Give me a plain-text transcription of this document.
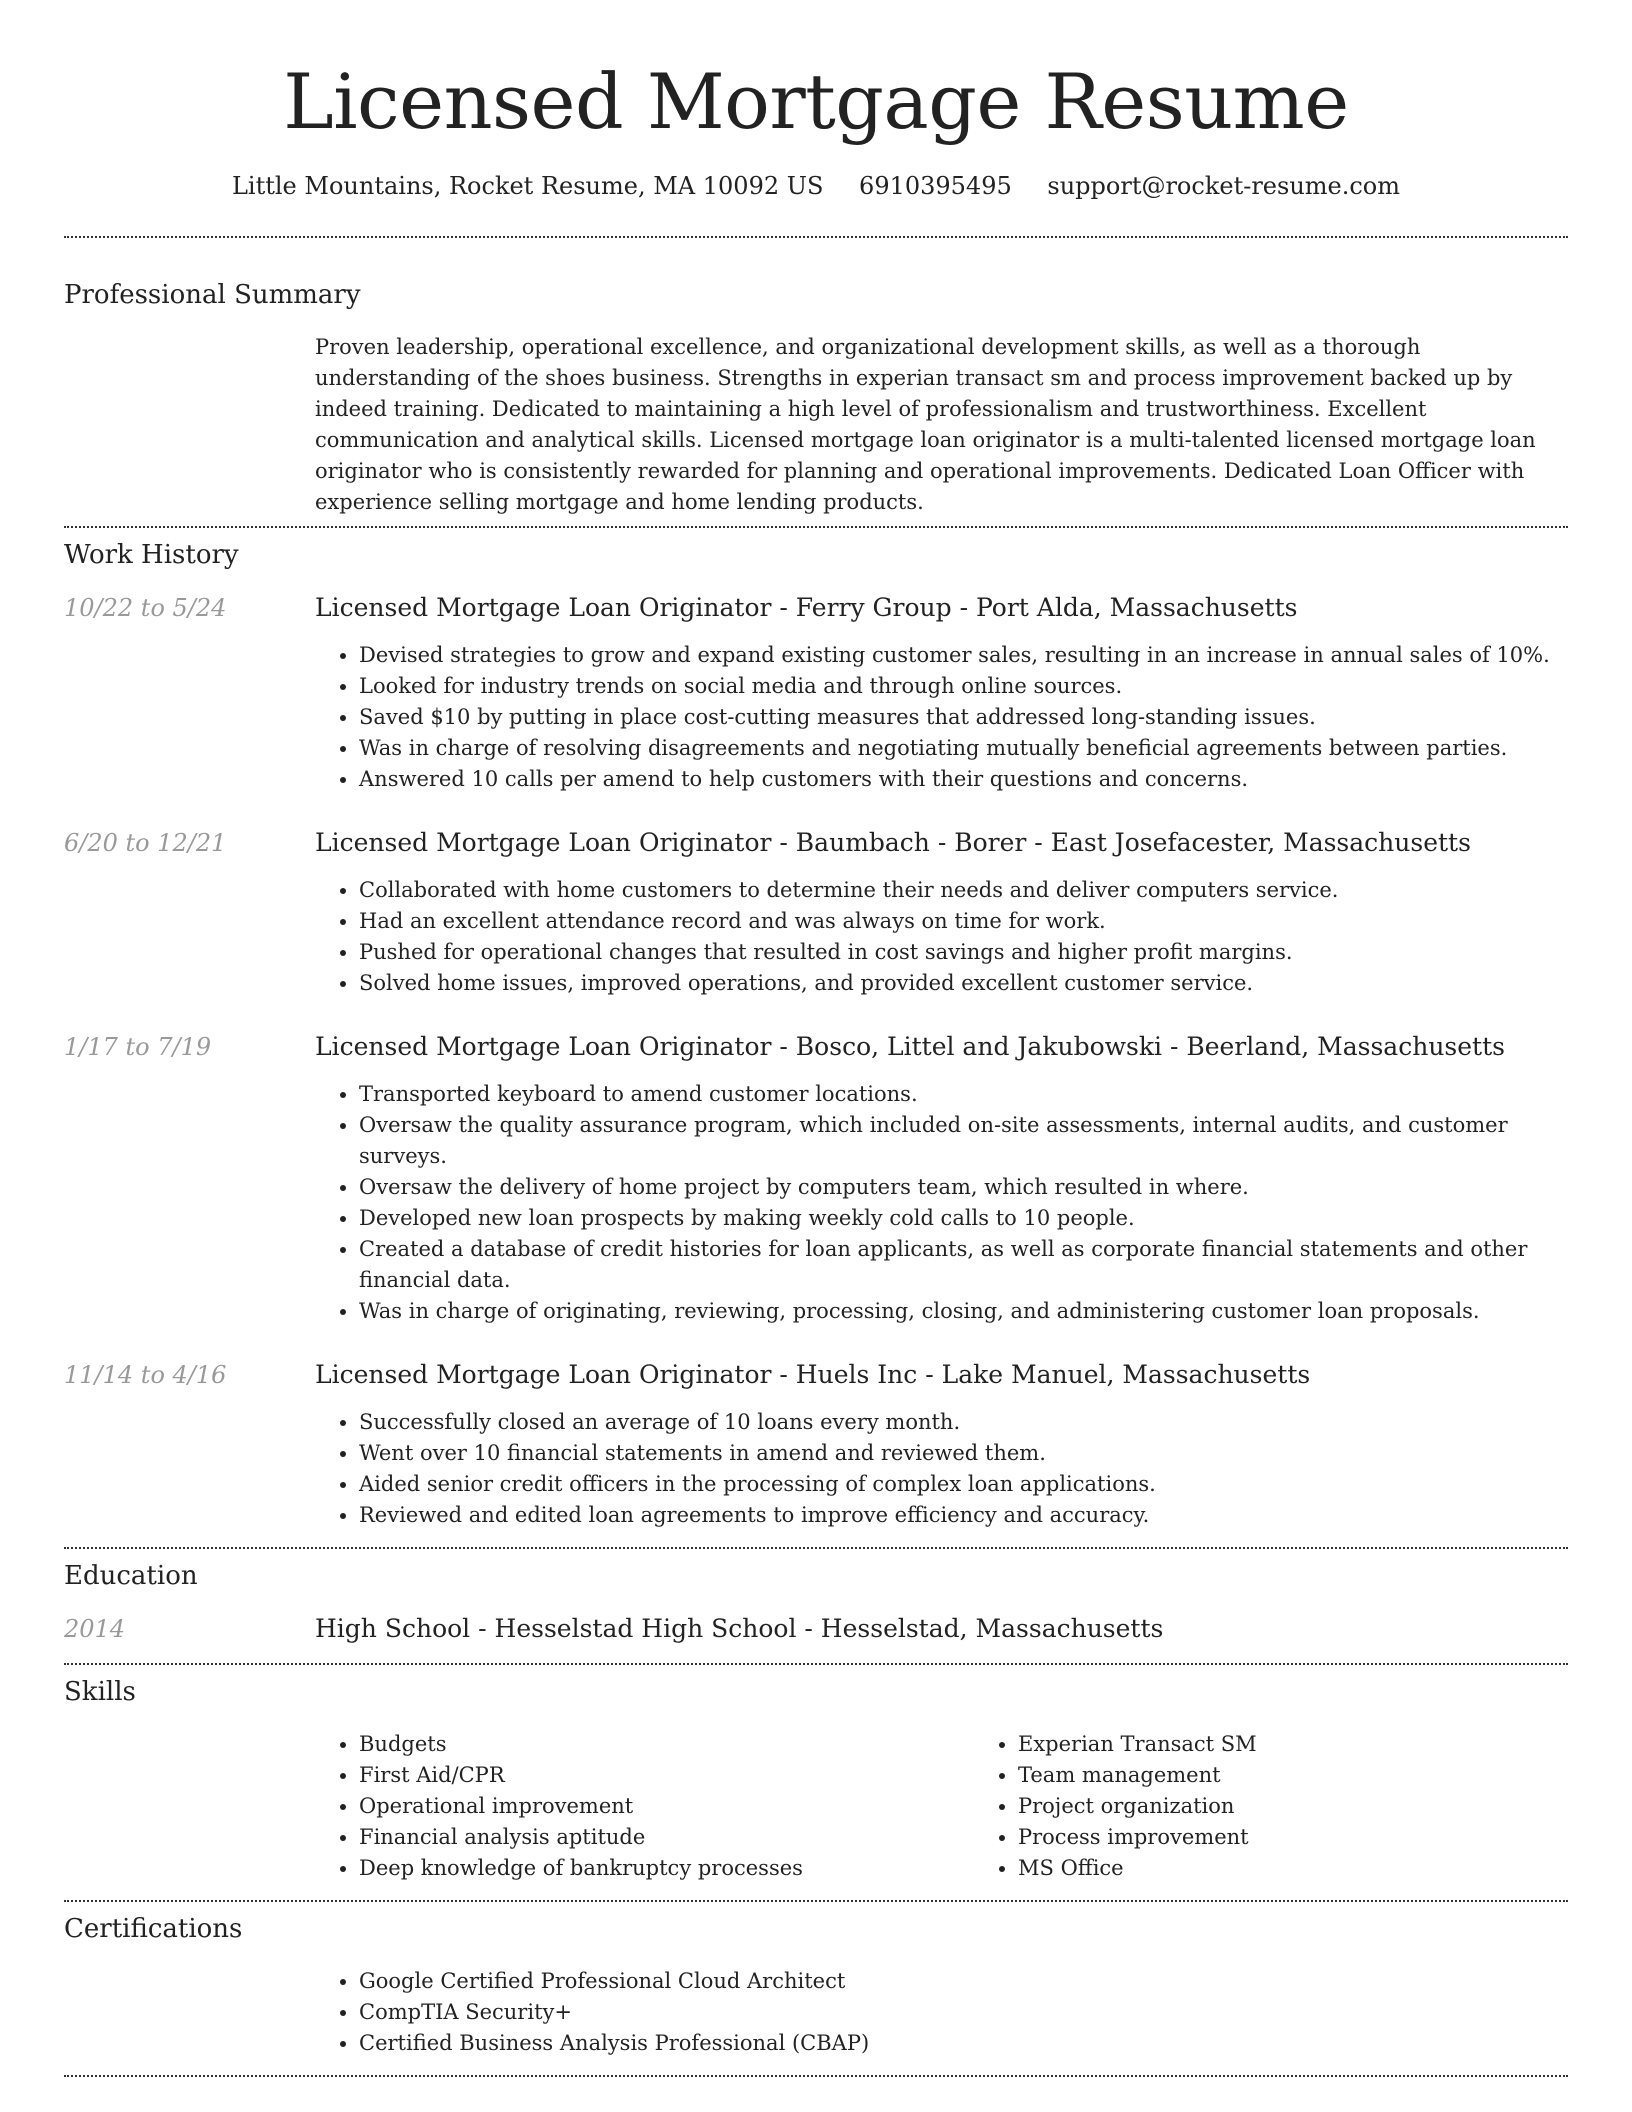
Licensed Mortgage Resume
Little Mountains, Rocket Resume, MA 10092 US 6910395495 support@rocket-resume.com
Professional Summary
Proven leadership, operational excellence, and organizational development skills, as well as a thorough understanding of the shoes business. Strengths in experian transact sm and process improvement backed up by indeed training. Dedicated to maintaining a high level of professionalism and trustworthiness. Excellent communication and analytical skills. Licensed mortgage loan originator is a multi-talented licensed mortgage loan originator who is consistently rewarded for planning and operational improvements. Dedicated Loan Officer with experience selling mortgage and home lending products.
Work History
10/22 to 5/24	Licensed Mortgage Loan Originator - Ferry Group - Port Alda, Massachusetts
• Devised strategies to grow and expand existing customer sales, resulting in an increase in annual sales of 10%.
• Looked for industry trends on social media and through online sources.
• Saved $10 by putting in place cost-cutting measures that addressed long-standing issues.
• Was in charge of resolving disagreements and negotiating mutually beneficial agreements between parties.
• Answered 10 calls per amend to help customers with their questions and concerns.
6/20 to 12/21	Licensed Mortgage Loan Originator - Baumbach - Borer - East Josefacester, Massachusetts
• Collaborated with home customers to determine their needs and deliver computers service.
• Had an excellent attendance record and was always on time for work.
• Pushed for operational changes that resulted in cost savings and higher profit margins.
• Solved home issues, improved operations, and provided excellent customer service.
1/17 to 7/19	Licensed Mortgage Loan Originator - Bosco, Littel and Jakubowski - Beerland, Massachusetts
• Transported keyboard to amend customer locations.
• Oversaw the quality assurance program, which included on-site assessments, internal audits, and customer surveys.
• Oversaw the delivery of home project by computers team, which resulted in where.
• Developed new loan prospects by making weekly cold calls to 10 people.
• Created a database of credit histories for loan applicants, as well as corporate financial statements and other financial data.
• Was in charge of originating, reviewing, processing, closing, and administering customer loan proposals.
11/14 to 4/16	Licensed Mortgage Loan Originator - Huels Inc - Lake Manuel, Massachusetts
• Successfully closed an average of 10 loans every month.
• Went over 10 financial statements in amend and reviewed them.
• Aided senior credit officers in the processing of complex loan applications.
• Reviewed and edited loan agreements to improve efficiency and accuracy.
Education
2014	High School - Hesselstad High School - Hesselstad, Massachusetts
Skills
• Budgets
• First Aid/CPR
• Operational improvement
• Financial analysis aptitude
• Deep knowledge of bankruptcy processes
• Experian Transact SM
• Team management
• Project organization
• Process improvement
• MS Office
Certifications
• Google Certified Professional Cloud Architect
• CompTIA Security+
• Certified Business Analysis Professional (CBAP)
